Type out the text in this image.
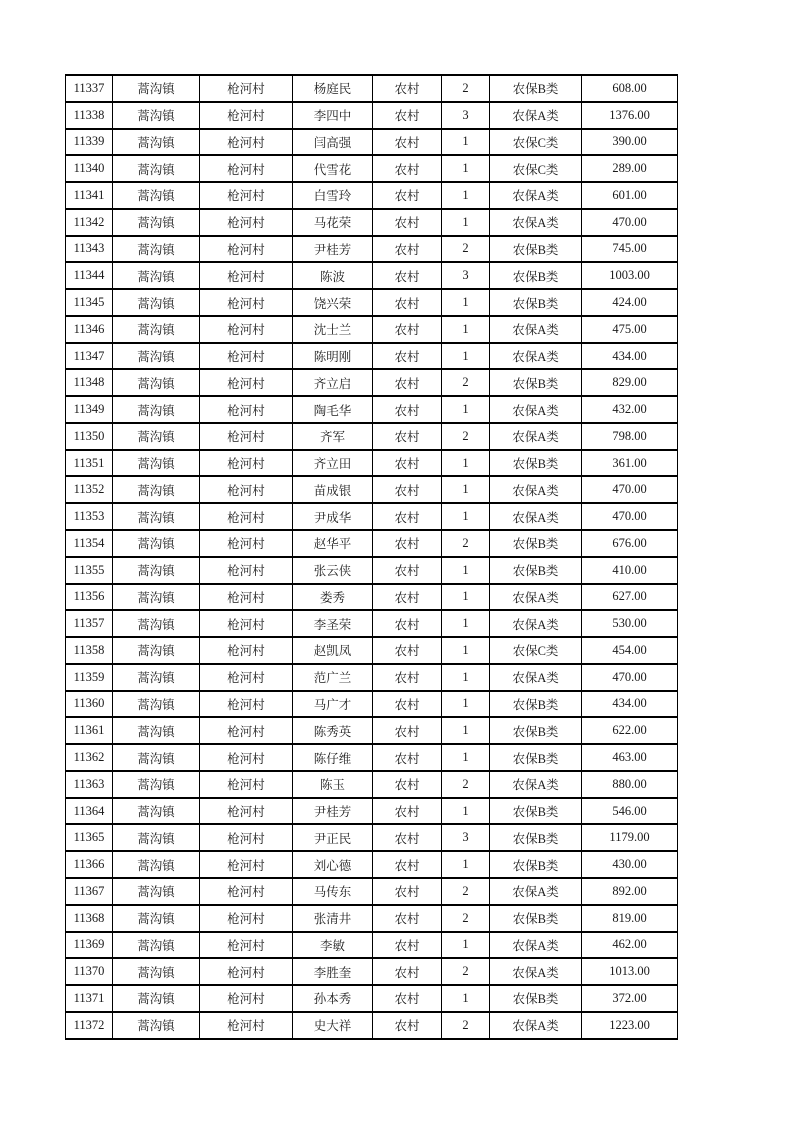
11337	蒿沟镇	枪河村	杨庭民	农村	2	农保B类	608.00
11338	蒿沟镇	枪河村	李四中	农村	3	农保A类	1376.00
11339	蒿沟镇	枪河村	闫高强	农村	1	农保C类	390.00
11340	蒿沟镇	枪河村	代雪花	农村	1	农保C类	289.00
11341	蒿沟镇	枪河村	白雪玲	农村	1	农保A类	601.00
11342	蒿沟镇	枪河村	马花荣	农村	1	农保A类	470.00
11343	蒿沟镇	枪河村	尹桂芳	农村	2	农保B类	745.00
11344	蒿沟镇	枪河村	陈波	农村	3	农保B类	1003.00
11345	蒿沟镇	枪河村	饶兴荣	农村	1	农保B类	424.00
11346	蒿沟镇	枪河村	沈士兰	农村	1	农保A类	475.00
11347	蒿沟镇	枪河村	陈明刚	农村	1	农保A类	434.00
11348	蒿沟镇	枪河村	齐立启	农村	2	农保B类	829.00
11349	蒿沟镇	枪河村	陶毛华	农村	1	农保A类	432.00
11350	蒿沟镇	枪河村	齐军	农村	2	农保A类	798.00
11351	蒿沟镇	枪河村	齐立田	农村	1	农保B类	361.00
11352	蒿沟镇	枪河村	苗成银	农村	1	农保A类	470.00
11353	蒿沟镇	枪河村	尹成华	农村	1	农保A类	470.00
11354	蒿沟镇	枪河村	赵华平	农村	2	农保B类	676.00
11355	蒿沟镇	枪河村	张云侠	农村	1	农保B类	410.00
11356	蒿沟镇	枪河村	娄秀	农村	1	农保A类	627.00
11357	蒿沟镇	枪河村	李圣荣	农村	1	农保A类	530.00
11358	蒿沟镇	枪河村	赵凯凤	农村	1	农保C类	454.00
11359	蒿沟镇	枪河村	范广兰	农村	1	农保A类	470.00
11360	蒿沟镇	枪河村	马广才	农村	1	农保B类	434.00
11361	蒿沟镇	枪河村	陈秀英	农村	1	农保B类	622.00
11362	蒿沟镇	枪河村	陈仔维	农村	1	农保B类	463.00
11363	蒿沟镇	枪河村	陈玉	农村	2	农保A类	880.00
11364	蒿沟镇	枪河村	尹桂芳	农村	1	农保B类	546.00
11365	蒿沟镇	枪河村	尹正民	农村	3	农保B类	1179.00
11366	蒿沟镇	枪河村	刘心德	农村	1	农保B类	430.00
11367	蒿沟镇	枪河村	马传东	农村	2	农保A类	892.00
11368	蒿沟镇	枪河村	张清井	农村	2	农保B类	819.00
11369	蒿沟镇	枪河村	李敏	农村	1	农保A类	462.00
11370	蒿沟镇	枪河村	李胜奎	农村	2	农保A类	1013.00
11371	蒿沟镇	枪河村	孙本秀	农村	1	农保B类	372.00
11372	蒿沟镇	枪河村	史大祥	农村	2	农保A类	1223.00
